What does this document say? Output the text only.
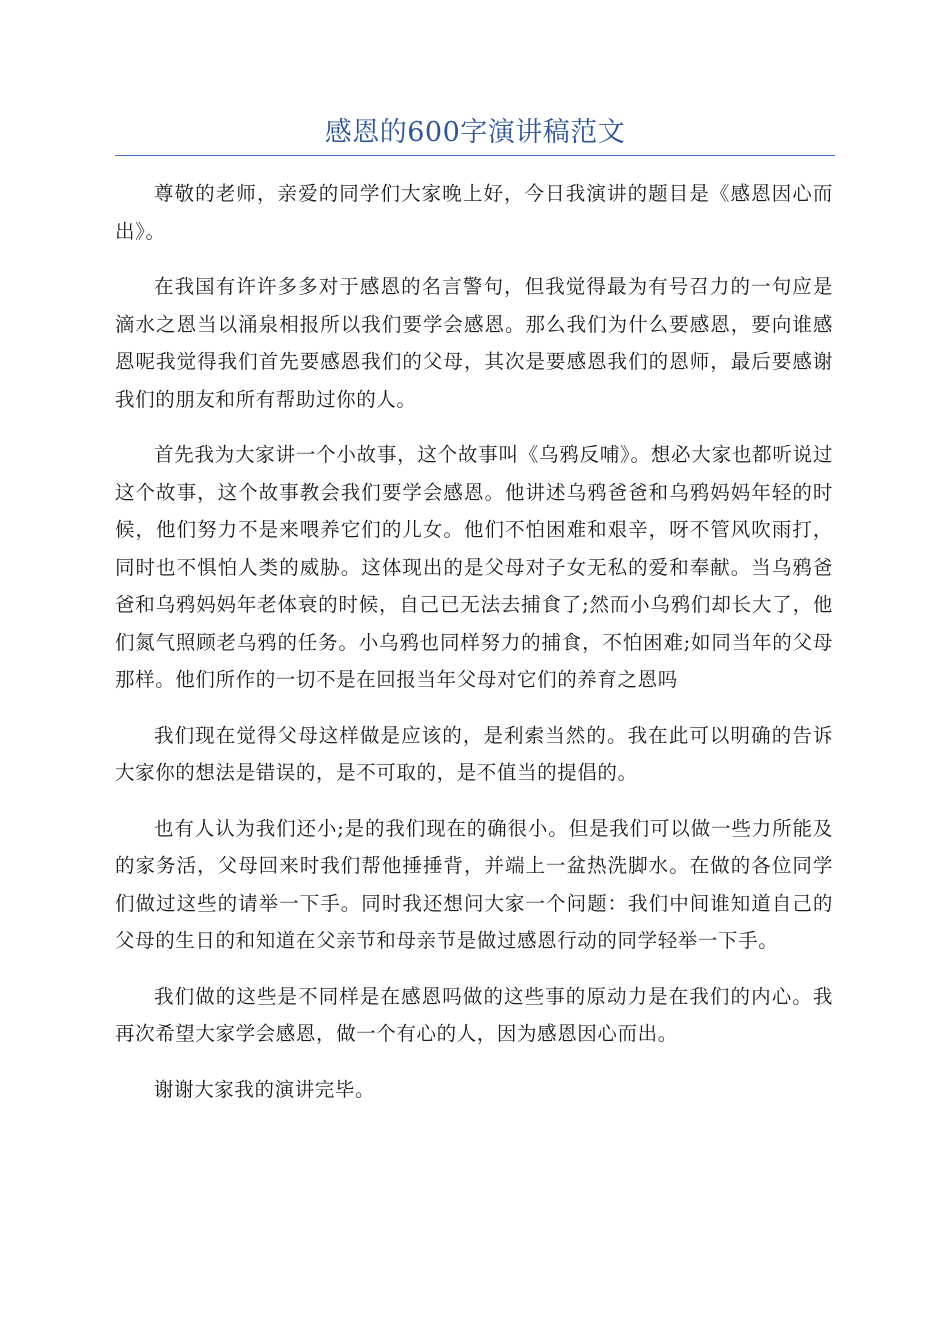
感恩的600字演讲稿范文

尊敬的老师，亲爱的同学们大家晚上好，今日我演讲的题目是《感恩因心而出》。

在我国有许许多多对于感恩的名言警句，但我觉得最为有号召力的一句应是滴水之恩当以涌泉相报所以我们要学会感恩。那么我们为什么要感恩，要向谁感恩呢我觉得我们首先要感恩我们的父母，其次是要感恩我们的恩师，最后要感谢我们的朋友和所有帮助过你的人。

首先我为大家讲一个小故事，这个故事叫《乌鸦反哺》。想必大家也都听说过这个故事，这个故事教会我们要学会感恩。他讲述乌鸦爸爸和乌鸦妈妈年轻的时候，他们努力不是来喂养它们的儿女。他们不怕困难和艰辛，呀不管风吹雨打，同时也不惧怕人类的威胁。这体现出的是父母对子女无私的爱和奉献。当乌鸦爸爸和乌鸦妈妈年老体衰的时候，自己已无法去捕食了;然而小乌鸦们却长大了，他们氮气照顾老乌鸦的任务。小乌鸦也同样努力的捕食，不怕困难;如同当年的父母那样。他们所作的一切不是在回报当年父母对它们的养育之恩吗

我们现在觉得父母这样做是应该的，是利索当然的。我在此可以明确的告诉大家你的想法是错误的，是不可取的，是不值当的提倡的。

也有人认为我们还小;是的我们现在的确很小。但是我们可以做一些力所能及的家务活，父母回来时我们帮他捶捶背，并端上一盆热洗脚水。在做的各位同学们做过这些的请举一下手。同时我还想问大家一个问题：我们中间谁知道自己的父母的生日的和知道在父亲节和母亲节是做过感恩行动的同学轻举一下手。

我们做的这些是不同样是在感恩吗做的这些事的原动力是在我们的内心。我再次希望大家学会感恩，做一个有心的人，因为感恩因心而出。

谢谢大家我的演讲完毕。
